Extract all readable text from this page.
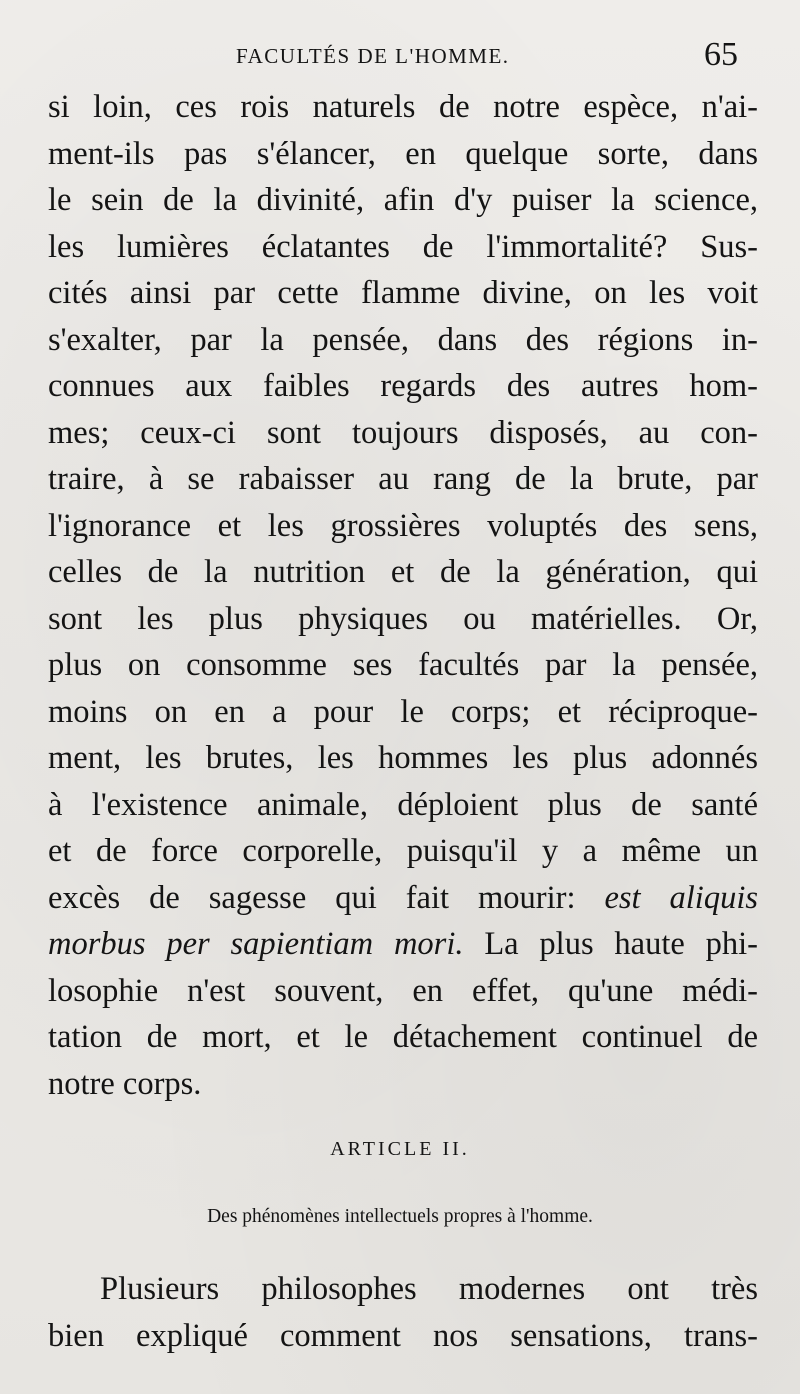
FACULTÉS DE L'HOMME.	65
si loin, ces rois naturels de notre espèce, n'ai-
ment-ils pas s'élancer, en quelque sorte, dans
le sein de la divinité, afin d'y puiser la science,
les lumières éclatantes de l'immortalité? Sus-
cités ainsi par cette flamme divine, on les voit
s'exalter, par la pensée, dans des régions in-
connues aux faibles regards des autres hom-
mes; ceux-ci sont toujours disposés, au con-
traire, à se rabaisser au rang de la brute, par
l'ignorance et les grossières voluptés des sens,
celles de la nutrition et de la génération, qui
sont les plus physiques ou matérielles. Or,
plus on consomme ses facultés par la pensée,
moins on en a pour le corps; et réciproque-
ment, les brutes, les hommes les plus adonnés
à l'existence animale, déploient plus de santé
et de force corporelle, puisqu'il y a même un
excès de sagesse qui fait mourir: est aliquis
morbus per sapientiam mori. La plus haute phi-
losophie n'est souvent, en effet, qu'une médi-
tation de mort, et le détachement continuel de
notre corps.
ARTICLE II.
Des phénomènes intellectuels propres à l'homme.
Plusieurs philosophes modernes ont très
bien expliqué comment nos sensations, trans-
